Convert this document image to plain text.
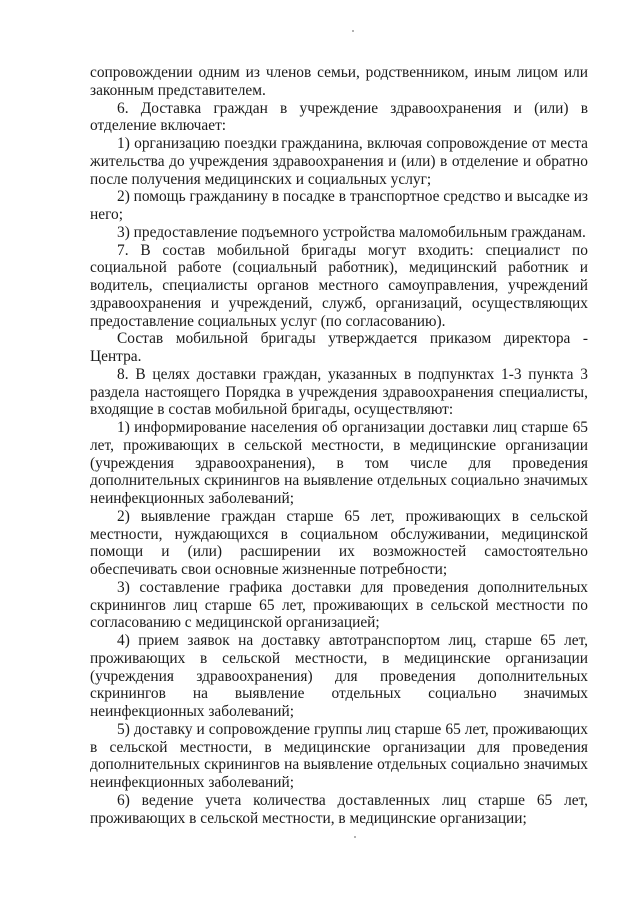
сопровождении одним из членов семьи, родственником, иным лицом или законным представителем.

6. Доставка граждан в учреждение здравоохранения и (или) в отделение включает:

1) организацию поездки гражданина, включая сопровождение от места жительства до учреждения здравоохранения и (или) в отделение и обратно после получения медицинских и социальных услуг;

2) помощь гражданину в посадке в транспортное средство и высадке из него;

3) предоставление подъемного устройства маломобильным гражданам.

7. В состав мобильной бригады могут входить: специалист по социальной работе (социальный работник), медицинский работник и водитель, специалисты органов местного самоуправления, учреждений здравоохранения и учреждений, служб, организаций, осуществляющих предоставление социальных услуг (по согласованию).

Состав мобильной бригады утверждается приказом директора - Центра.

8. В целях доставки граждан, указанных в подпунктах 1-3 пункта 3 раздела настоящего Порядка в учреждения здравоохранения специалисты, входящие в состав мобильной бригады, осуществляют:

1) информирование населения об организации доставки лиц старше 65 лет, проживающих в сельской местности, в медицинские организации (учреждения здравоохранения), в том числе для проведения дополнительных скринингов на выявление отдельных социально значимых неинфекционных заболеваний;

2) выявление граждан старше 65 лет, проживающих в сельской местности, нуждающихся в социальном обслуживании, медицинской помощи и (или) расширении их возможностей самостоятельно обеспечивать свои основные жизненные потребности;

3) составление графика доставки для проведения дополнительных скринингов лиц старше 65 лет, проживающих в сельской местности по согласованию с медицинской организацией;

4) прием заявок на доставку автотранспортом лиц, старше 65 лет, проживающих в сельской местности, в медицинские организации (учреждения здравоохранения) для проведения дополнительных скринингов на выявление отдельных социально значимых неинфекционных заболеваний;

5) доставку и сопровождение группы лиц старше 65 лет, проживающих в сельской местности, в медицинские организации для проведения дополнительных скринингов на выявление отдельных социально значимых неинфекционных заболеваний;

6) ведение учета количества доставленных лиц старше 65 лет, проживающих в сельской местности, в медицинские организации;
